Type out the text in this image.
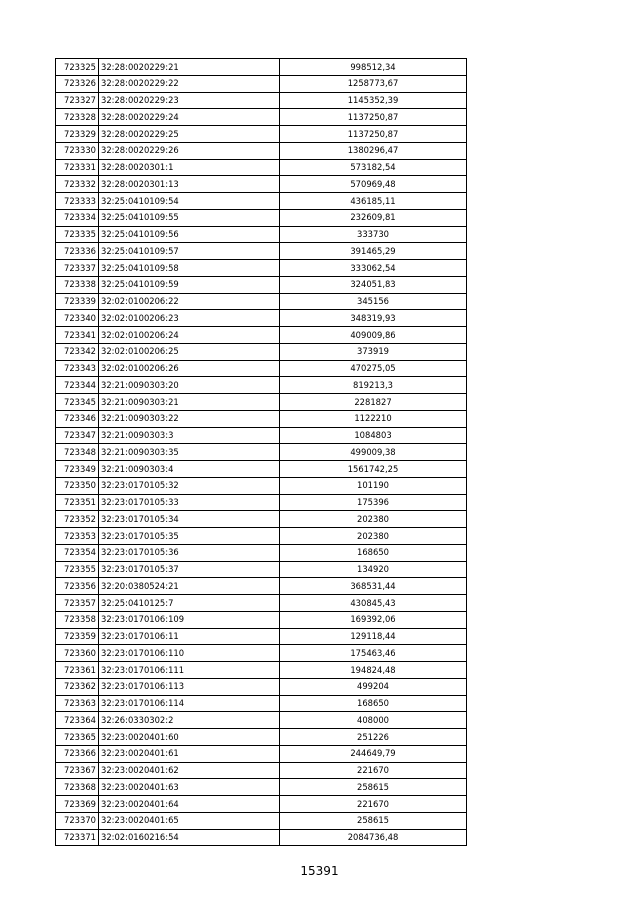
723325	32:28:0020229:21	998512,34
723326	32:28:0020229:22	1258773,67
723327	32:28:0020229:23	1145352,39
723328	32:28:0020229:24	1137250,87
723329	32:28:0020229:25	1137250,87
723330	32:28:0020229:26	1380296,47
723331	32:28:0020301:1	573182,54
723332	32:28:0020301:13	570969,48
723333	32:25:0410109:54	436185,11
723334	32:25:0410109:55	232609,81
723335	32:25:0410109:56	333730
723336	32:25:0410109:57	391465,29
723337	32:25:0410109:58	333062,54
723338	32:25:0410109:59	324051,83
723339	32:02:0100206:22	345156
723340	32:02:0100206:23	348319,93
723341	32:02:0100206:24	409009,86
723342	32:02:0100206:25	373919
723343	32:02:0100206:26	470275,05
723344	32:21:0090303:20	819213,3
723345	32:21:0090303:21	2281827
723346	32:21:0090303:22	1122210
723347	32:21:0090303:3	1084803
723348	32:21:0090303:35	499009,38
723349	32:21:0090303:4	1561742,25
723350	32:23:0170105:32	101190
723351	32:23:0170105:33	175396
723352	32:23:0170105:34	202380
723353	32:23:0170105:35	202380
723354	32:23:0170105:36	168650
723355	32:23:0170105:37	134920
723356	32:20:0380524:21	368531,44
723357	32:25:0410125:7	430845,43
723358	32:23:0170106:109	169392,06
723359	32:23:0170106:11	129118,44
723360	32:23:0170106:110	175463,46
723361	32:23:0170106:111	194824,48
723362	32:23:0170106:113	499204
723363	32:23:0170106:114	168650
723364	32:26:0330302:2	408000
723365	32:23:0020401:60	251226
723366	32:23:0020401:61	244649,79
723367	32:23:0020401:62	221670
723368	32:23:0020401:63	258615
723369	32:23:0020401:64	221670
723370	32:23:0020401:65	258615
723371	32:02:0160216:54	2084736,48
15391
